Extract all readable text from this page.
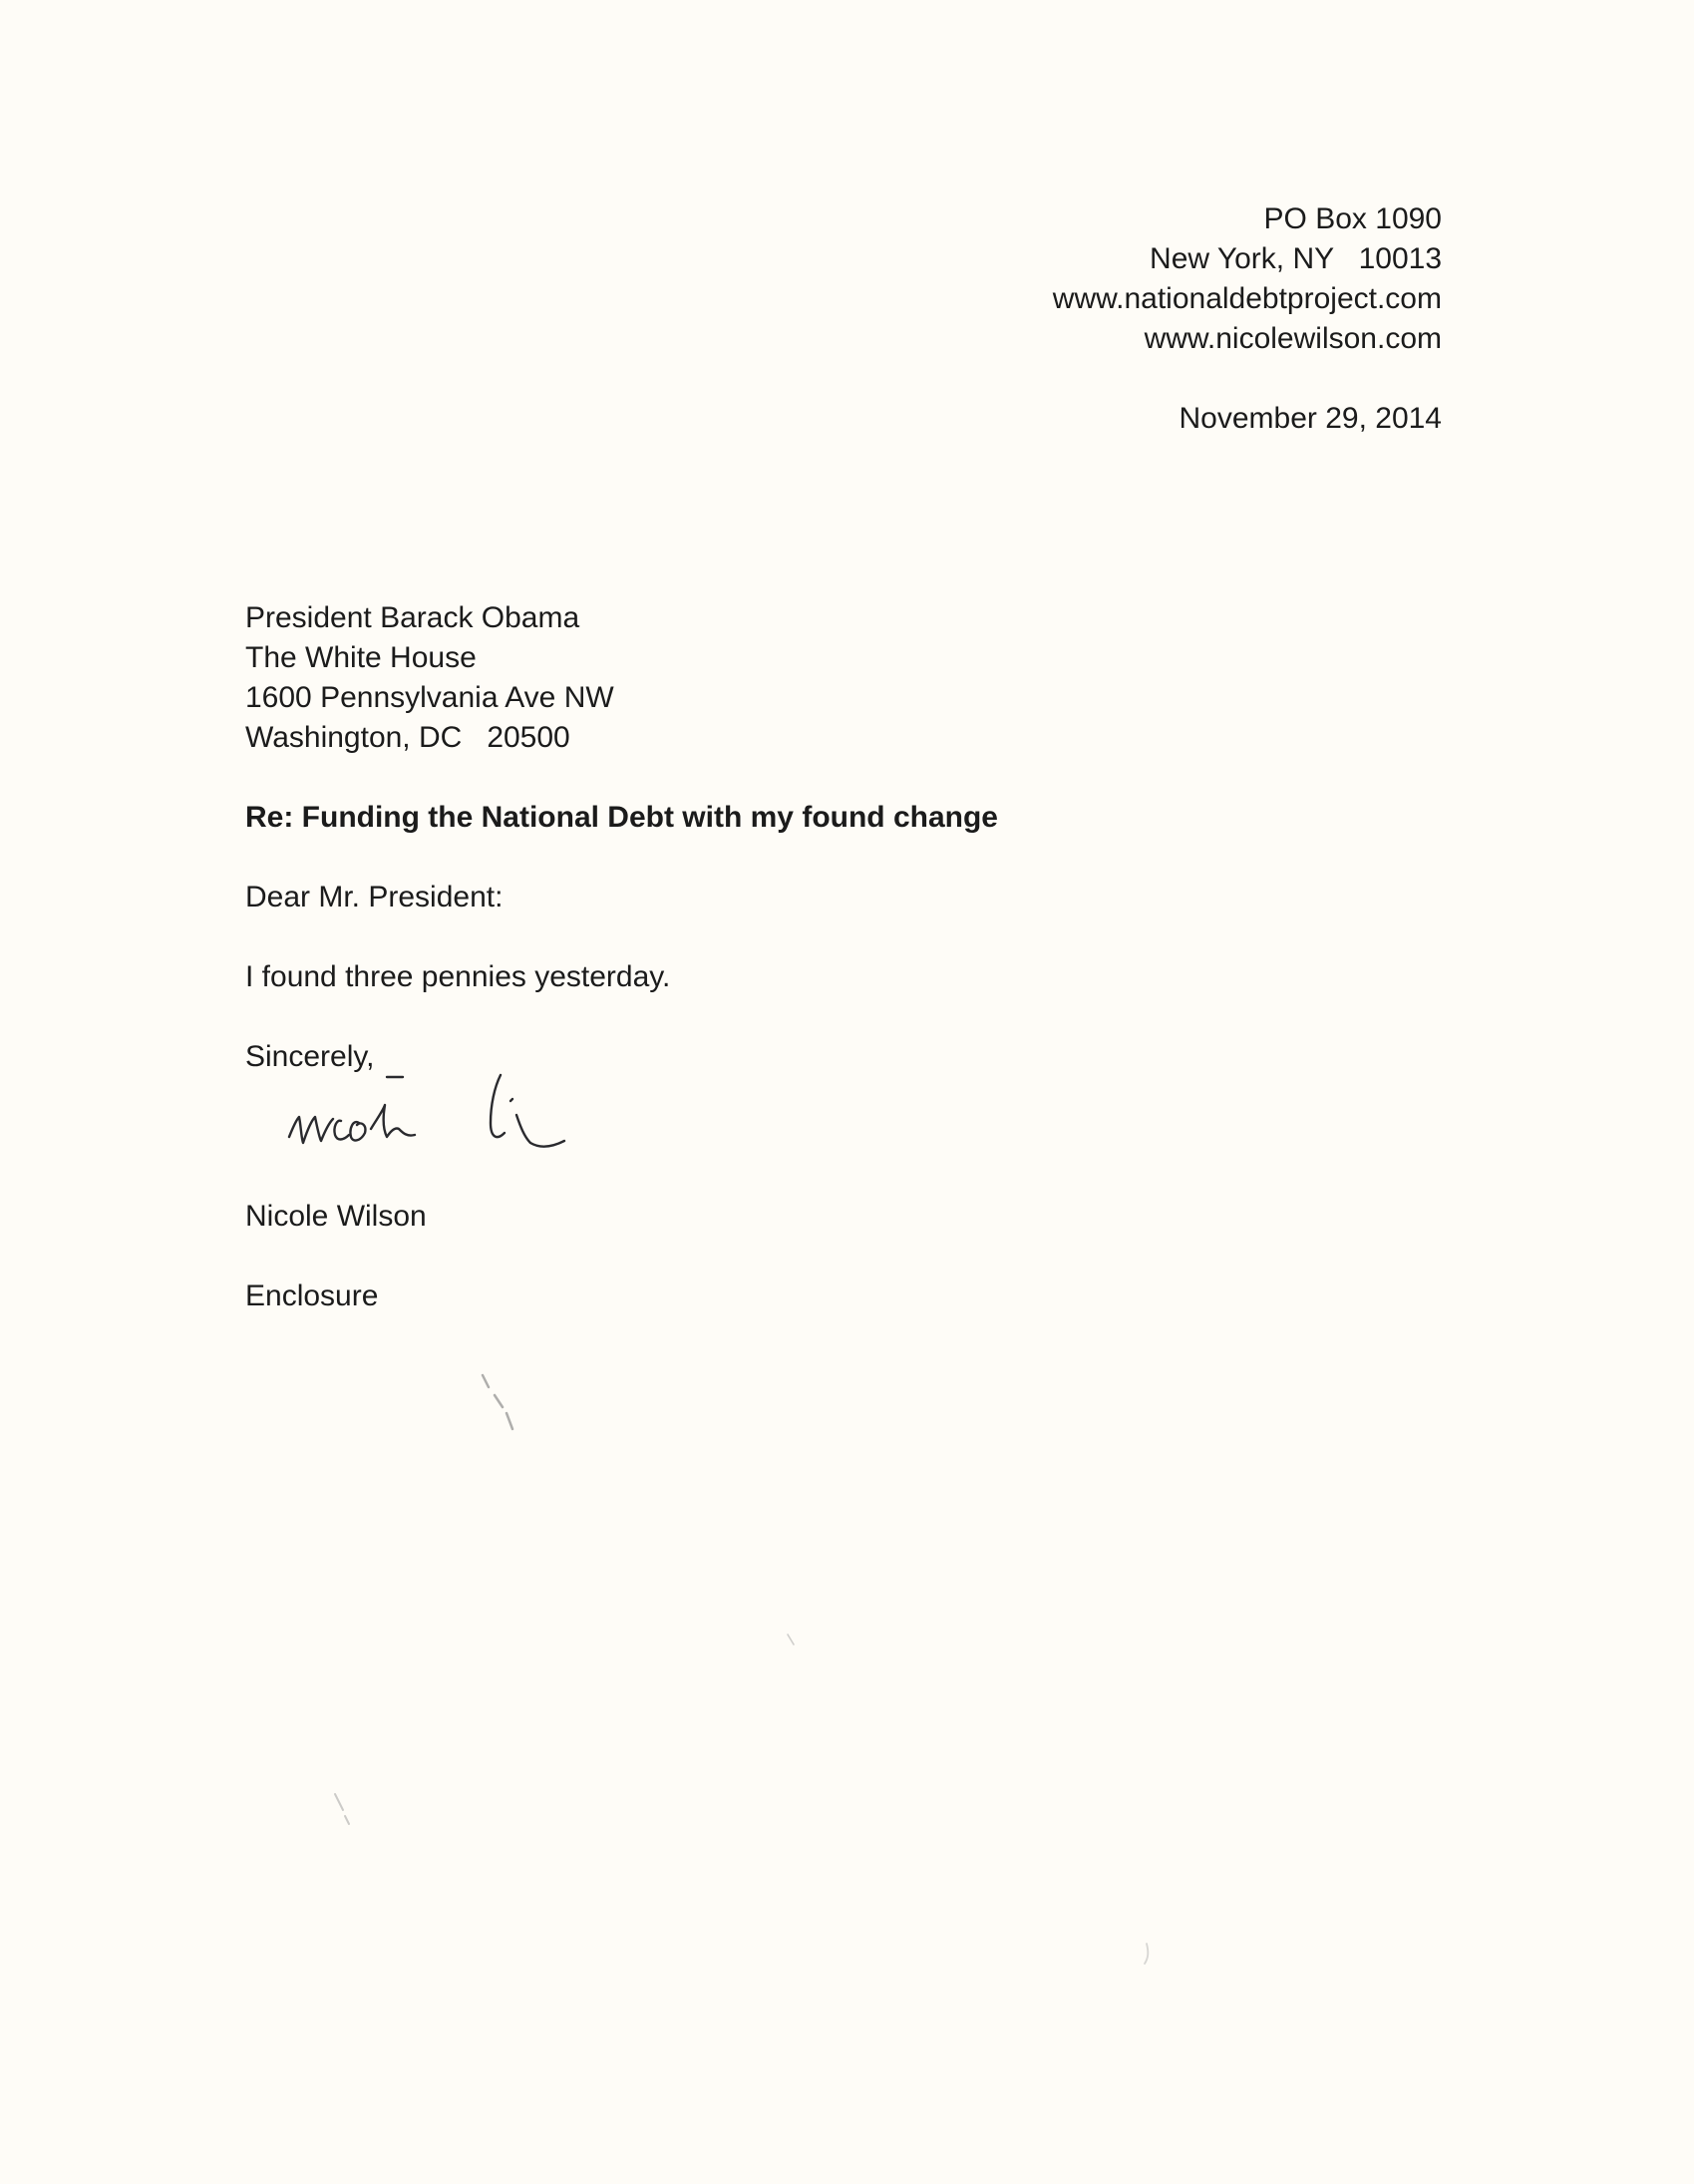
PO Box 1090
New York, NY   10013
www.nationaldebtproject.com
www.nicolewilson.com
November 29, 2014
President Barack Obama
The White House
1600 Pennsylvania Ave NW
Washington, DC   20500
Re: Funding the National Debt with my found change
Dear Mr. President:
I found three pennies yesterday.
Sincerely,
Nicole Wilson
Enclosure
